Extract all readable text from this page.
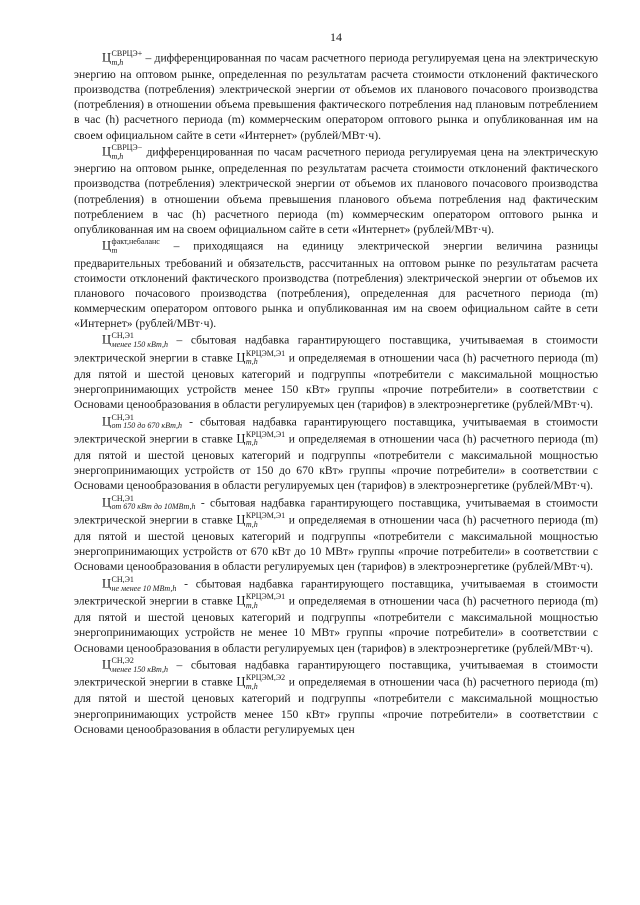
14

Ц СВРЦЭ+
m,h	– дифференцированная по часам расчетного периода регулируемая цена на электрическую энергию на оптовом рынке, определенная по результатам расчета стоимости отклонений фактического производства (потребления) электрической энергии от объемов их планового почасового производства (потребления) в отношении объема превышения фактического потребления над плановым потреблением в час (h) расчетного периода (m) коммерческим оператором оптового рынка и опубликованная им на своем официальном сайте в сети «Интернет» (рублей/МВт·ч).

Ц СВРЦЭ−
m,h	дифференцированная по часам расчетного периода регулируемая цена на электрическую энергию на оптовом рынке, определенная по результатам расчета стоимости отклонений фактического производства (потребления) электрической энергии от объемов их планового почасового производства (потребления) в отношении объема превышения планового объема потребления над фактическим потреблением в час (h) расчетного периода (m) коммерческим оператором оптового рынка и опубликованная им на своем официальном сайте в сети «Интернет» (рублей/МВт·ч).

Ц факт,небаланс
m	– приходящаяся на единицу электрической энергии величина разницы предварительных требований и обязательств, рассчитанных на оптовом рынке по результатам расчета стоимости отклонений фактического производства (потребления) электрической энергии от объемов их планового почасового производства (потребления), определенная для расчетного периода (m) коммерческим оператором оптового рынка и опубликованная им на своем официальном сайте в сети «Интернет» (рублей/МВт·ч).

Ц СН,Э1
менее 150 кВт,h – сбытовая надбавка гарантирующего поставщика, учитываемая в стоимости электрической энергии в ставке Ц КРЦЭМ,Э1
m,h	и определяемая в отношении часа (h) расчетного периода (m) для пятой и шестой ценовых категорий и подгруппы «потребители с максимальной мощностью энергопринимающих устройств менее 150 кВт» группы «прочие потребители» в соответствии с Основами ценообразования в области регулируемых цен (тарифов) в электроэнергетике (рублей/МВт·ч).

Ц СН,Э1
от 150 до 670 кВт,h - сбытовая надбавка гарантирующего поставщика, учитываемая в стоимости электрической энергии в ставке Ц КРЦЭМ,Э1
m,h	и определяемая в отношении часа (h) расчетного периода (m) для пятой и шестой ценовых категорий и подгруппы «потребители с максимальной мощностью энергопринимающих устройств от 150 до 670 кВт» группы «прочие потребители» в соответствии с Основами ценообразования в области регулируемых цен (тарифов) в электроэнергетике (рублей/МВт·ч).

Ц СН,Э1
от 670 кВт до 10МВт,h - сбытовая надбавка гарантирующего поставщика, учитываемая в стоимости электрической энергии в ставке Ц КРЦЭМ,Э1
m,h	и определяемая в отношении часа (h) расчетного периода (m) для пятой и шестой ценовых категорий и подгруппы «потребители с максимальной мощностью энергопринимающих устройств от 670 кВт до 10 МВт» группы «прочие потребители» в соответствии с Основами ценообразования в области регулируемых цен (тарифов) в электроэнергетике (рублей/МВт·ч).

Ц СН,Э1
не менее 10 МВт,h - сбытовая надбавка гарантирующего поставщика, учитываемая в стоимости электрической энергии в ставке Ц КРЦЭМ,Э1
m,h	и определяемая в отношении часа (h) расчетного периода (m) для пятой и шестой ценовых категорий и подгруппы «потребители с максимальной мощностью энергопринимающих устройств не менее 10 МВт» группы «прочие потребители» в соответствии с Основами ценообразования в области регулируемых цен (тарифов) в электроэнергетике (рублей/МВт·ч).

Ц СН,Э2
менее 150 кВт,h – сбытовая надбавка гарантирующего поставщика, учитываемая в стоимости электрической энергии в ставке Ц КРЦЭМ,Э2
m,h	и определяемая в отношении часа (h) расчетного периода (m) для пятой и шестой ценовых категорий и подгруппы «потребители с максимальной мощностью энергопринимающих устройств менее 150 кВт» группы «прочие потребители» в соответствии с Основами ценообразования в области регулируемых цен
